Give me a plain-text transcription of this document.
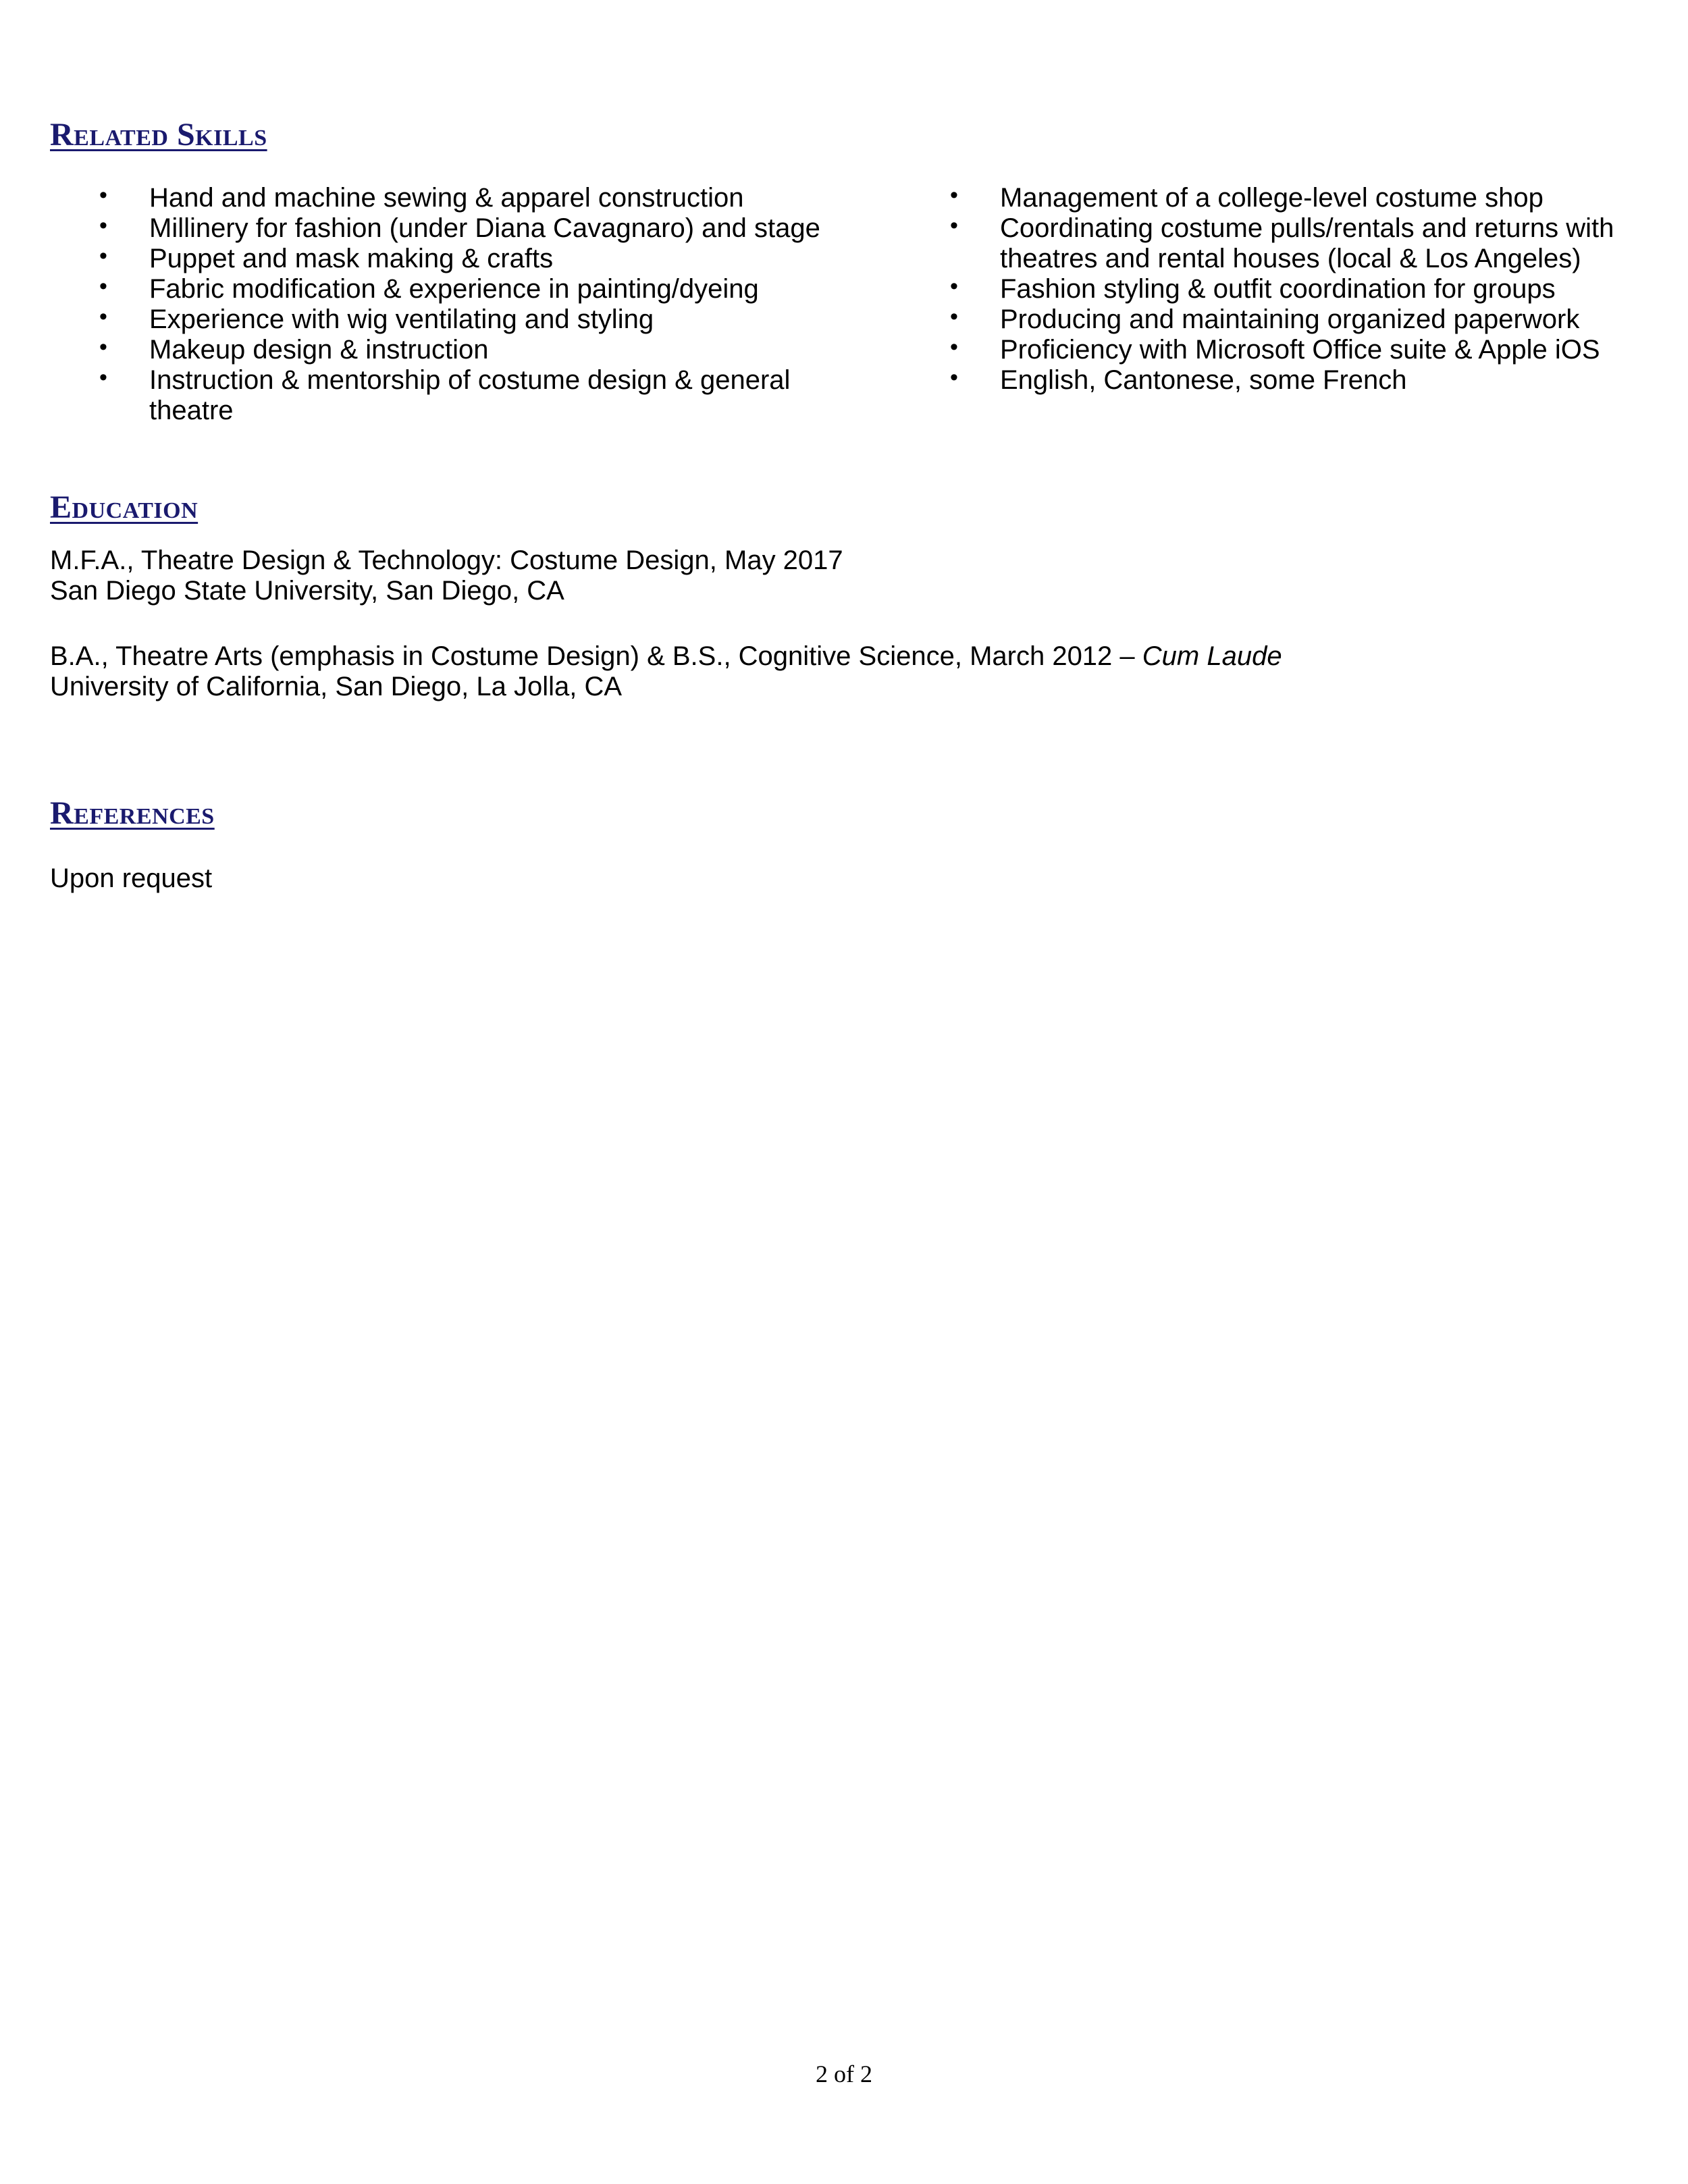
Related Skills
• Hand and machine sewing & apparel construction
• Millinery for fashion (under Diana Cavagnaro) and stage
• Puppet and mask making & crafts
• Fabric modification & experience in painting/dyeing
• Experience with wig ventilating and styling
• Makeup design & instruction
• Instruction & mentorship of costume design & general theatre
• Management of a college-level costume shop
• Coordinating costume pulls/rentals and returns with theatres and rental houses (local & Los Angeles)
• Fashion styling & outfit coordination for groups
• Producing and maintaining organized paperwork
• Proficiency with Microsoft Office suite & Apple iOS
• English, Cantonese, some French
Education

M.F.A., Theatre Design & Technology: Costume Design, May 2017

San Diego State University, San Diego, CA

B.A., Theatre Arts (emphasis in Costume Design) & B.S., Cognitive Science, March 2012 – Cum Laude

University of California, San Diego, La Jolla, CA

References

Upon request

2 of 2
